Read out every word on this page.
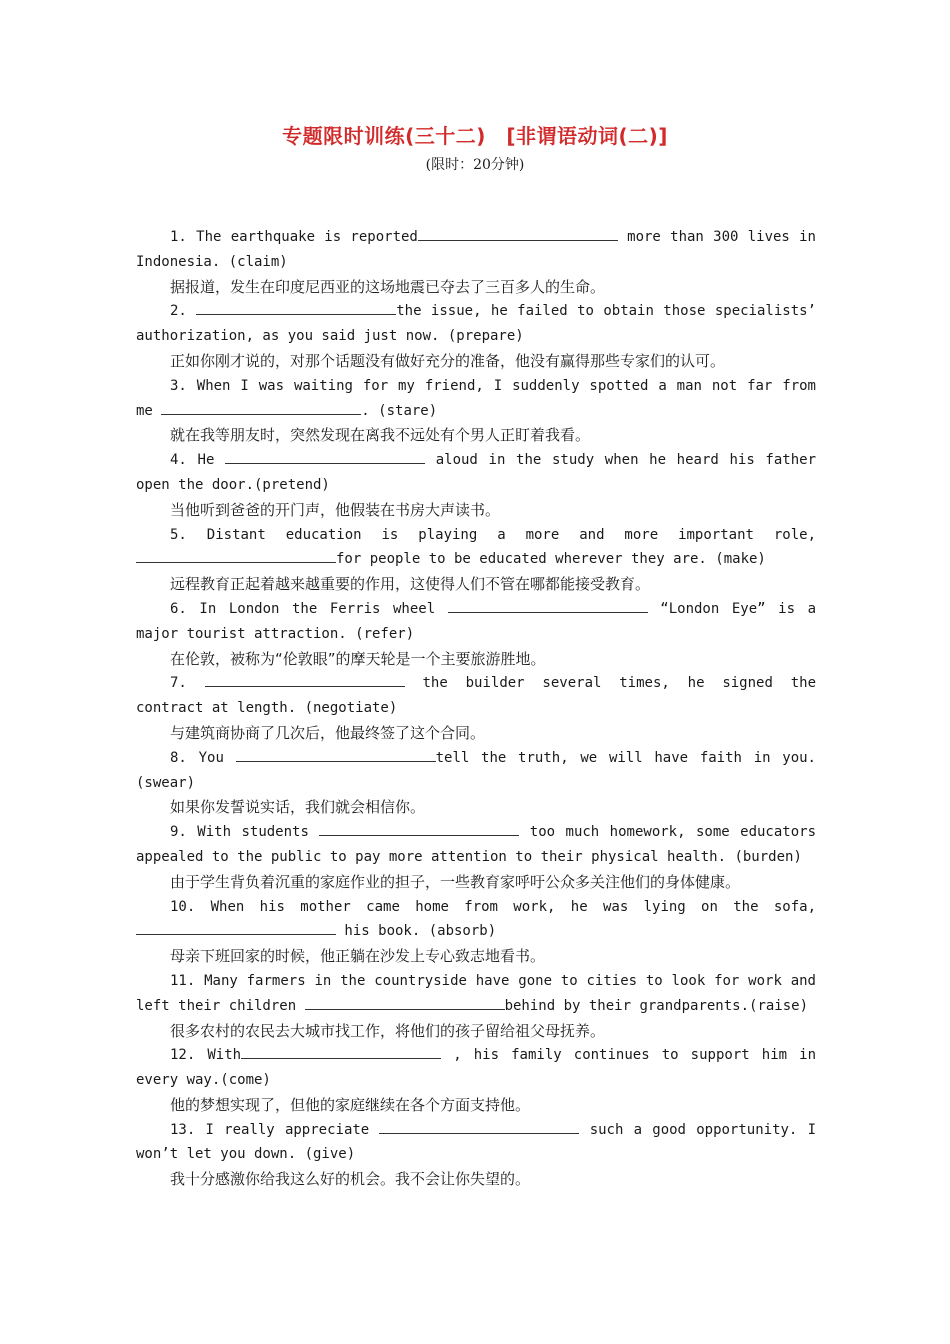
专题限时训练(三十二)　[非谓语动词(二)]
(限时：20分钟)

1. The earthquake is reported	more than 300 lives in Indonesia. (claim)

据报道，发生在印度尼西亚的这场地震已夺去了三百多人的生命。

2.	the issue, he failed to obtain those specialists’ authorization, as you said just now. (prepare)

正如你刚才说的，对那个话题没有做好充分的准备，他没有赢得那些专家们的认可。

3. When I was waiting for my friend, I suddenly spotted a man not far from me	. (stare)

就在我等朋友时，突然发现在离我不远处有个男人正盯着我看。

4. He	aloud in the study when he heard his father open the door.(pretend)

当他听到爸爸的开门声，他假装在书房大声读书。

5. Distant education is playing a more and more important role, for people to be educated wherever they are. (make)

远程教育正起着越来越重要的作用，这使得人们不管在哪都能接受教育。

6. In London the Ferris wheel	“London Eye” is a major tourist attraction. (refer)

在伦敦，被称为“伦敦眼”的摩天轮是一个主要旅游胜地。

7.	the builder several times, he signed the contract at length. (negotiate)

与建筑商协商了几次后，他最终签了这个合同。

8. You	tell the truth, we will have faith in you. (swear)

如果你发誓说实话，我们就会相信你。

9. With students	too much homework, some educators appealed to the public to pay more attention to their physical health. (burden)

由于学生背负着沉重的家庭作业的担子，一些教育家呼吁公众多关注他们的身体健康。

10. When his mother came home from work, he was lying on the sofa,  his book. (absorb)

母亲下班回家的时候，他正躺在沙发上专心致志地看书。

11. Many farmers in the countryside have gone to cities to look for work and left their children	behind by their grandparents.(raise)

很多农村的农民去大城市找工作，将他们的孩子留给祖父母抚养。

12. With	, his family continues to support him in every way.(come)

他的梦想实现了，但他的家庭继续在各个方面支持他。

13. I really appreciate	such a good opportunity. I won’t let you down. (give)

我十分感激你给我这么好的机会。我不会让你失望的。
